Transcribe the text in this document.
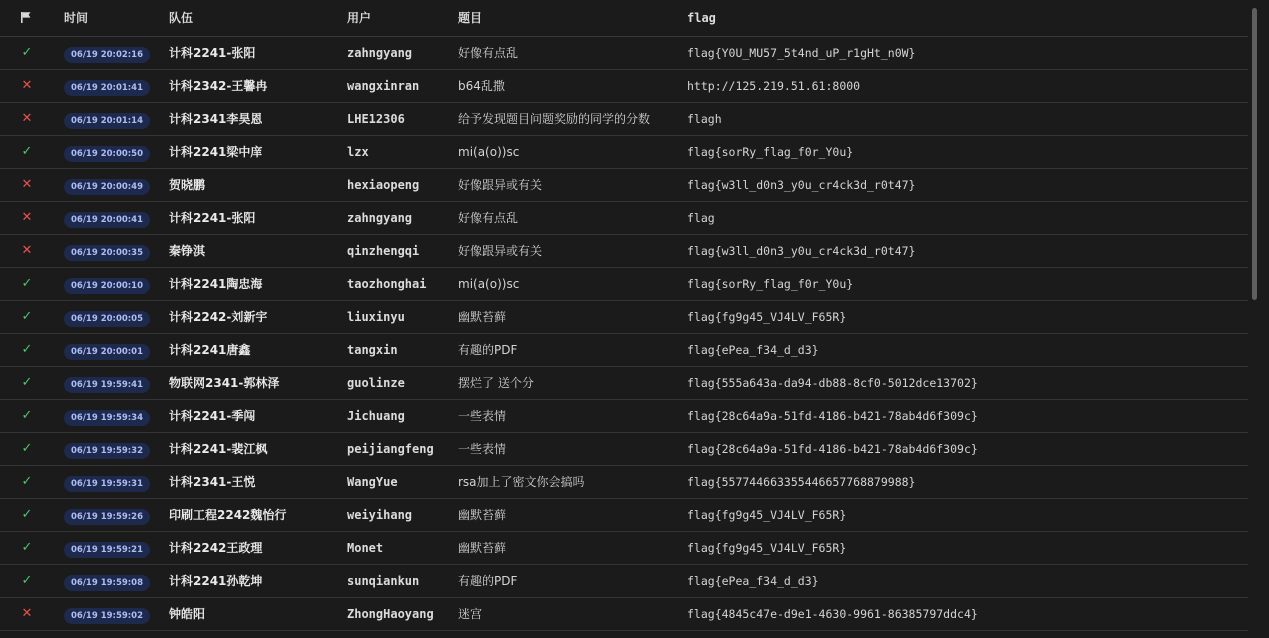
	时间	队伍	用户	题目	flag
✓	06/19 20:02:16	计科2241-张阳	zahngyang	好像有点乱	flag{Y0U_MU57_5t4nd_uP_r1gHt_n0W}
✕	06/19 20:01:41	计科2342-王馨冉	wangxinran	b64乱撒	http://125.219.51.61:8000
✕	06/19 20:01:14	计科2341李昊恩	LHE12306	给予发现题目问题奖励的同学的分数	flagh
✓	06/19 20:00:50	计科2241梁中庠	lzx	mi(a(o))sc	flag{sorRy_flag_f0r_Y0u}
✕	06/19 20:00:49	贺晓鹏	hexiaopeng	好像跟异或有关	flag{w3ll_d0n3_y0u_cr4ck3d_r0t47}
✕	06/19 20:00:41	计科2241-张阳	zahngyang	好像有点乱	flag
✕	06/19 20:00:35	秦铮淇	qinzhengqi	好像跟异或有关	flag{w3ll_d0n3_y0u_cr4ck3d_r0t47}
✓	06/19 20:00:10	计科2241陶忠海	taozhonghai	mi(a(o))sc	flag{sorRy_flag_f0r_Y0u}
✓	06/19 20:00:05	计科2242-刘新宇	liuxinyu	幽默苔藓	flag{fg9g45_VJ4LV_F65R}
✓	06/19 20:00:01	计科2241唐鑫	tangxin	有趣的PDF	flag{ePea_f34_d_d3}
✓	06/19 19:59:41	物联网2341-郭林泽	guolinze	摆烂了 送个分	flag{555a643a-da94-db88-8cf0-5012dce13702}
✓	06/19 19:59:34	计科2241-季闯	Jichuang	一些表情	flag{28c64a9a-51fd-4186-b421-78ab4d6f309c}
✓	06/19 19:59:32	计科2241-裴江枫	peijiangfeng	一些表情	flag{28c64a9a-51fd-4186-b421-78ab4d6f309c}
✓	06/19 19:59:31	计科2341-王悦	WangYue	rsa加上了密文你会搞吗	flag{557744663355446657768879988}
✓	06/19 19:59:26	印刷工程2242魏怡行	weiyihang	幽默苔藓	flag{fg9g45_VJ4LV_F65R}
✓	06/19 19:59:21	计科2242王政理	Monet	幽默苔藓	flag{fg9g45_VJ4LV_F65R}
✓	06/19 19:59:08	计科2241孙乾坤	sunqiankun	有趣的PDF	flag{ePea_f34_d_d3}
✕	06/19 19:59:02	钟皓阳	ZhongHaoyang	迷宫	flag{4845c47e-d9e1-4630-9961-86385797ddc4}
